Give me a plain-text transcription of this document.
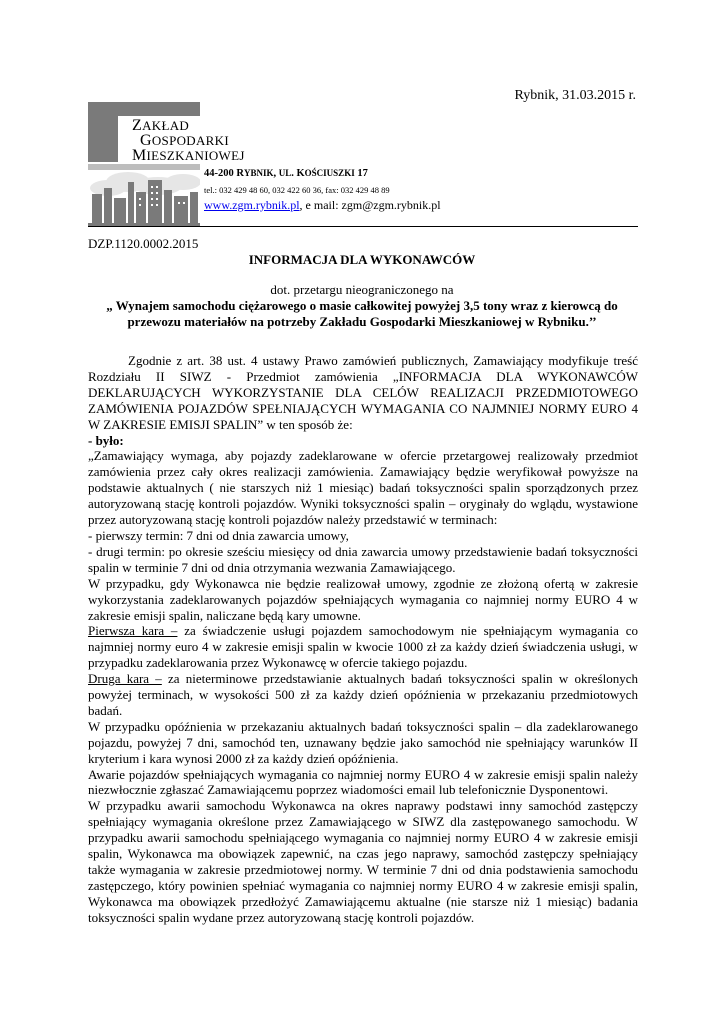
Rybnik, 31.03.2015 r.
ZAKŁAD
GOSPODARKI
MIESZKANIOWEJ
44-200 RYBNIK, UL. KOŚCIUSZKI 17
tel.: 032 429 48 60, 032 422 60 36, fax: 032 429 48 89
www.zgm.rybnik.pl, e mail: zgm@zgm.rybnik.pl
DZP.1120.0002.2015
INFORMACJA DLA WYKONAWCÓW
dot. przetargu nieograniczonego na
„ Wynajem samochodu ciężarowego o masie całkowitej powyżej 3,5 tony wraz z kierowcą do przewozu materiałów na potrzeby Zakładu Gospodarki Mieszkaniowej w Rybniku.’’

Zgodnie z art. 38 ust. 4 ustawy Prawo zamówień publicznych, Zamawiający modyfikuje treść Rozdziału II SIWZ - Przedmiot zamówienia „INFORMACJA DLA WYKONAWCÓW DEKLARUJĄCYCH WYKORZYSTANIE DLA CELÓW REALIZACJI PRZEDMIOTOWEGO ZAMÓWIENIA POJAZDÓW SPEŁNIAJĄCYCH WYMAGANIA CO NAJMNIEJ NORMY EURO 4 W ZAKRESIE EMISJI SPALIN” w ten sposób że:

- było:

„Zamawiający wymaga, aby pojazdy zadeklarowane w ofercie przetargowej realizowały przedmiot zamówienia przez cały okres realizacji zamówienia. Zamawiający będzie weryfikował powyższe na podstawie aktualnych ( nie starszych niż 1 miesiąc) badań toksyczności spalin sporządzonych przez autoryzowaną stację kontroli pojazdów. Wyniki toksyczności spalin – oryginały do wglądu, wystawione przez autoryzowaną stację kontroli pojazdów należy przedstawić w terminach:

- pierwszy termin: 7 dni od dnia zawarcia umowy,

- drugi termin: po okresie sześciu miesięcy od dnia zawarcia umowy przedstawienie badań toksyczności spalin w terminie 7 dni od dnia otrzymania wezwania Zamawiającego.

W przypadku, gdy Wykonawca nie będzie realizował umowy, zgodnie ze złożoną ofertą w zakresie wykorzystania zadeklarowanych pojazdów spełniających wymagania co najmniej normy EURO 4 w zakresie emisji spalin, naliczane będą kary umowne.

Pierwsza kara – za świadczenie usługi pojazdem samochodowym nie spełniającym wymagania co najmniej normy euro 4 w zakresie emisji spalin w kwocie 1000 zł za każdy dzień świadczenia usługi, w przypadku zadeklarowania przez Wykonawcę w ofercie takiego pojazdu.

Druga kara – za nieterminowe przedstawianie aktualnych badań toksyczności spalin w określonych powyżej terminach, w wysokości 500 zł za każdy dzień opóźnienia w przekazaniu przedmiotowych badań.

W przypadku opóźnienia w przekazaniu aktualnych badań toksyczności spalin – dla zadeklarowanego pojazdu, powyżej 7 dni, samochód ten, uznawany będzie jako samochód nie spełniający warunków II kryterium i kara wynosi 2000 zł za każdy dzień opóźnienia.

Awarie pojazdów spełniających wymagania co najmniej normy EURO 4 w zakresie emisji spalin należy niezwłocznie zgłaszać Zamawiającemu poprzez wiadomości email lub telefonicznie Dysponentowi.

W przypadku awarii samochodu Wykonawca na okres naprawy podstawi inny samochód zastępczy spełniający wymagania określone przez Zamawiającego w SIWZ dla zastępowanego samochodu. W przypadku awarii samochodu spełniającego wymagania co najmniej normy EURO 4 w zakresie emisji spalin, Wykonawca ma obowiązek zapewnić, na czas jego naprawy, samochód zastępczy spełniający także wymagania w zakresie przedmiotowej normy. W terminie 7 dni od dnia podstawienia samochodu zastępczego, który powinien spełniać wymagania co najmniej normy EURO 4 w zakresie emisji spalin, Wykonawca ma obowiązek przedłożyć Zamawiającemu aktualne (nie starsze niż 1 miesiąc) badania toksyczności spalin wydane przez autoryzowaną stację kontroli pojazdów.
